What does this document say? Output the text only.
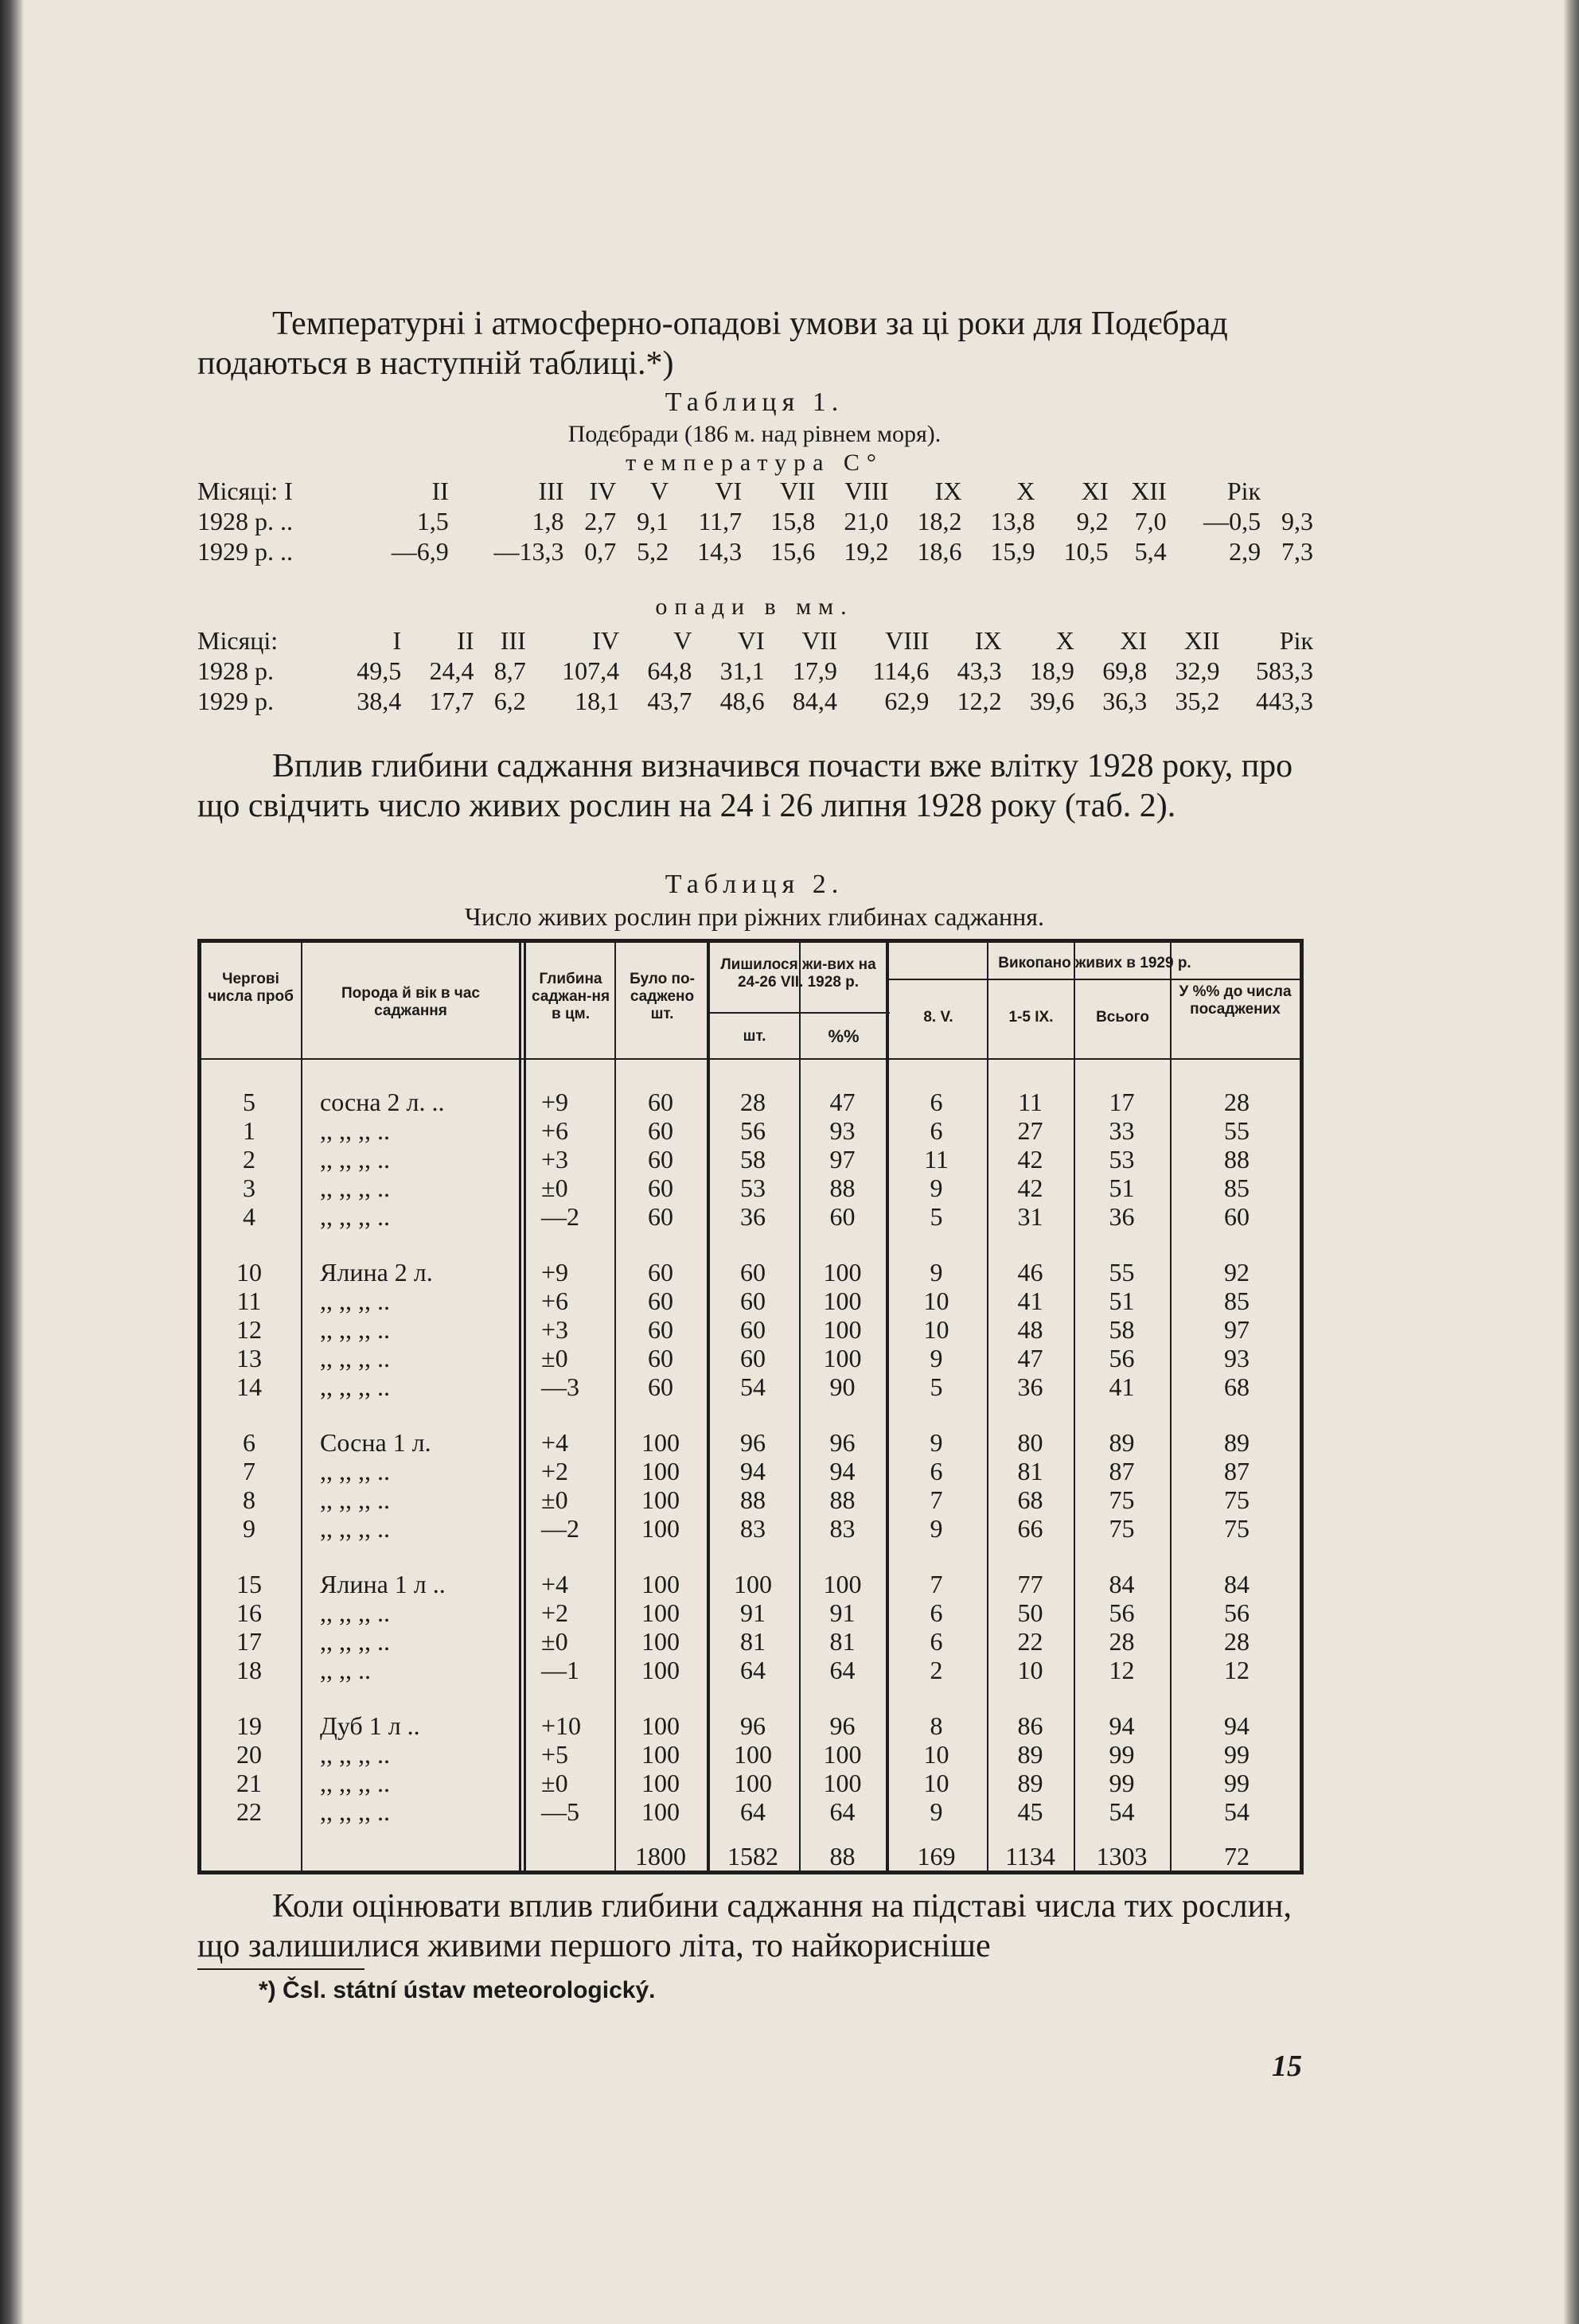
Температурні і атмосферно-опадові умови за ці роки для Подєбрад подаються в наступній таблиці.*)

Таблиця 1.
Подєбради (186 м. над рівнем моря).
температура С°
Місяці: I	II	III	IV	V	VI	VII	VIII	IX	X	XI	XII	Рік	
1928 р. ..	1,5	1,8	2,7	9,1	11,7	15,8	21,0	18,2	13,8	9,2	7,0	—0,5	9,3
1929 р. ..	—6,9	—13,3	0,7	5,2	14,3	15,6	19,2	18,6	15,9	10,5	5,4	2,9	7,3
опади в мм.
Місяці:	I	II	III	IV	V	VI	VII	VIII	IX	X	XI	XII	Рік
1928 р.	49,5	24,4	8,7	107,4	64,8	31,1	17,9	114,6	43,3	18,9	69,8	32,9	583,3
1929 р.	38,4	17,7	6,2	18,1	43,7	48,6	84,4	62,9	12,2	39,6	36,3	35,2	443,3

Вплив глибини саджання визначився почасти вже влітку 1928 року, про що свідчить число живих рослин на 24 і 26 липня 1928 року (таб. 2).

Таблиця 2.
Число живих рослин при ріжних глибинах саджання.
Чергові числа проб	Порода й вік в час саджання
Глибина саджан-ня в цм.
Було по-саджено шт.
Лишилося жи-вих на 24-26 VII. 1928 р.
шт.	%%
Викопано живих в 1929 р.
8. V.	1-5 IX.	Всього
У %% до числа посаджених
5	сосна 2 л. ..	+9	60	28	47	6	11	17	28
1	,, ,, ,, ..	+6	60	56	93	6	27	33	55
2	,, ,, ,, ..	+3	60	58	97	11	42	53	88
3	,, ,, ,, ..	±0	60	53	88	9	42	51	85
4	,, ,, ,, ..	—2	60	36	60	5	31	36	60
10	Ялина 2 л.	+9	60	60	100	9	46	55	92
11	,, ,, ,, ..	+6	60	60	100	10	41	51	85
12	,, ,, ,, ..	+3	60	60	100	10	48	58	97
13	,, ,, ,, ..	±0	60	60	100	9	47	56	93
14	,, ,, ,, ..	—3	60	54	90	5	36	41	68
6	Сосна 1 л.	+4	100	96	96	9	80	89	89
7	,, ,, ,, ..	+2	100	94	94	6	81	87	87
8	,, ,, ,, ..	±0	100	88	88	7	68	75	75
9	,, ,, ,, ..	—2	100	83	83	9	66	75	75
15	Ялина 1 л ..	+4	100	100	100	7	77	84	84
16	,, ,, ,, ..	+2	100	91	91	6	50	56	56
17	,, ,, ,, ..	±0	100	81	81	6	22	28	28
18	,, ,, ..	—1	100	64	64	2	10	12	12
19	Дуб 1 л ..	+10	100	96	96	8	86	94	94
20	,, ,, ,, ..	+5	100	100	100	10	89	99	99
21	,, ,, ,, ..	±0	100	100	100	10	89	99	99
22	,, ,, ,, ..	—5	100	64	64	9	45	54	54
			1800	1582	88	169	1134	1303	72

Коли оцінювати вплив глибини саджання на підставі числа тих рослин, що залишилися живими першого літа, то найкорисніше

*) Čsl. státní ústav meteorologický.
15
